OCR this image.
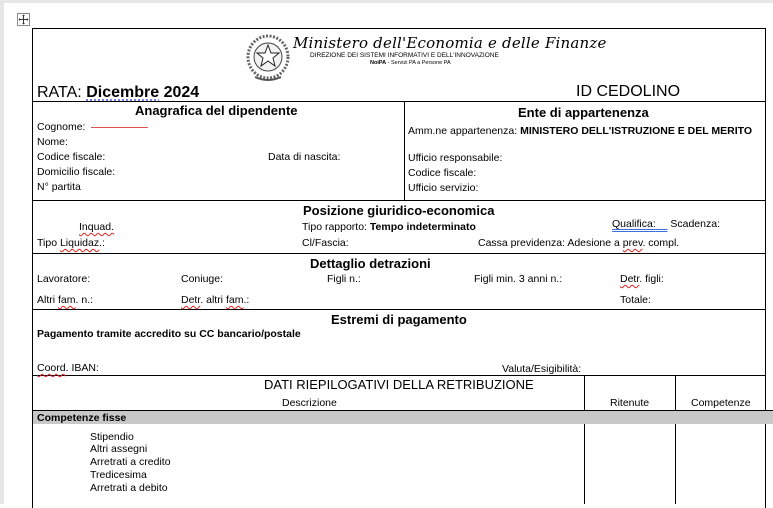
Ministero dell'Economia e delle Finanze
DIREZIONE DEI SISTEMI INFORMATIVI E DELL'INNOVAZIONE
NoiPA - Servizi PA a Persone PA
RATA: Dicembre 2024	ID CEDOLINO
Anagrafica del dipendente
Cognome:
Nome:
Codice fiscale:	Data di nascita:
Domicilio fiscale:
N° partita
Ente di appartenenza
Amm.ne appartenenza: MINISTERO DELL'ISTRUZIONE E DEL MERITO
Ufficio responsabile:
Codice fiscale:
Ufficio servizio:
Posizione giuridico-economica
Inquad.	Tipo rapporto: Tempo indeterminato	Qualifica: Scadenza:
Tipo Liquidaz.:	Cl/Fascia:	Cassa previdenza: Adesione a prev. compl.
Dettaglio detrazioni
Lavoratore:	Coniuge:	Figli n.:	Figli min. 3 anni n.:	Detr. figli:
Altri fam. n.:	Detr. altri fam.:	Totale:
Estremi di pagamento
Pagamento tramite accredito su CC bancario/postale
Coord. IBAN:	Valuta/Esigibilità:
DATI RIEPILOGATIVI DELLA RETRIBUZIONE
Descrizione	Ritenute	Competenze
Competenze fisse
Stipendio
Altri assegni
Arretrati a credito
Tredicesima
Arretrati a debito
